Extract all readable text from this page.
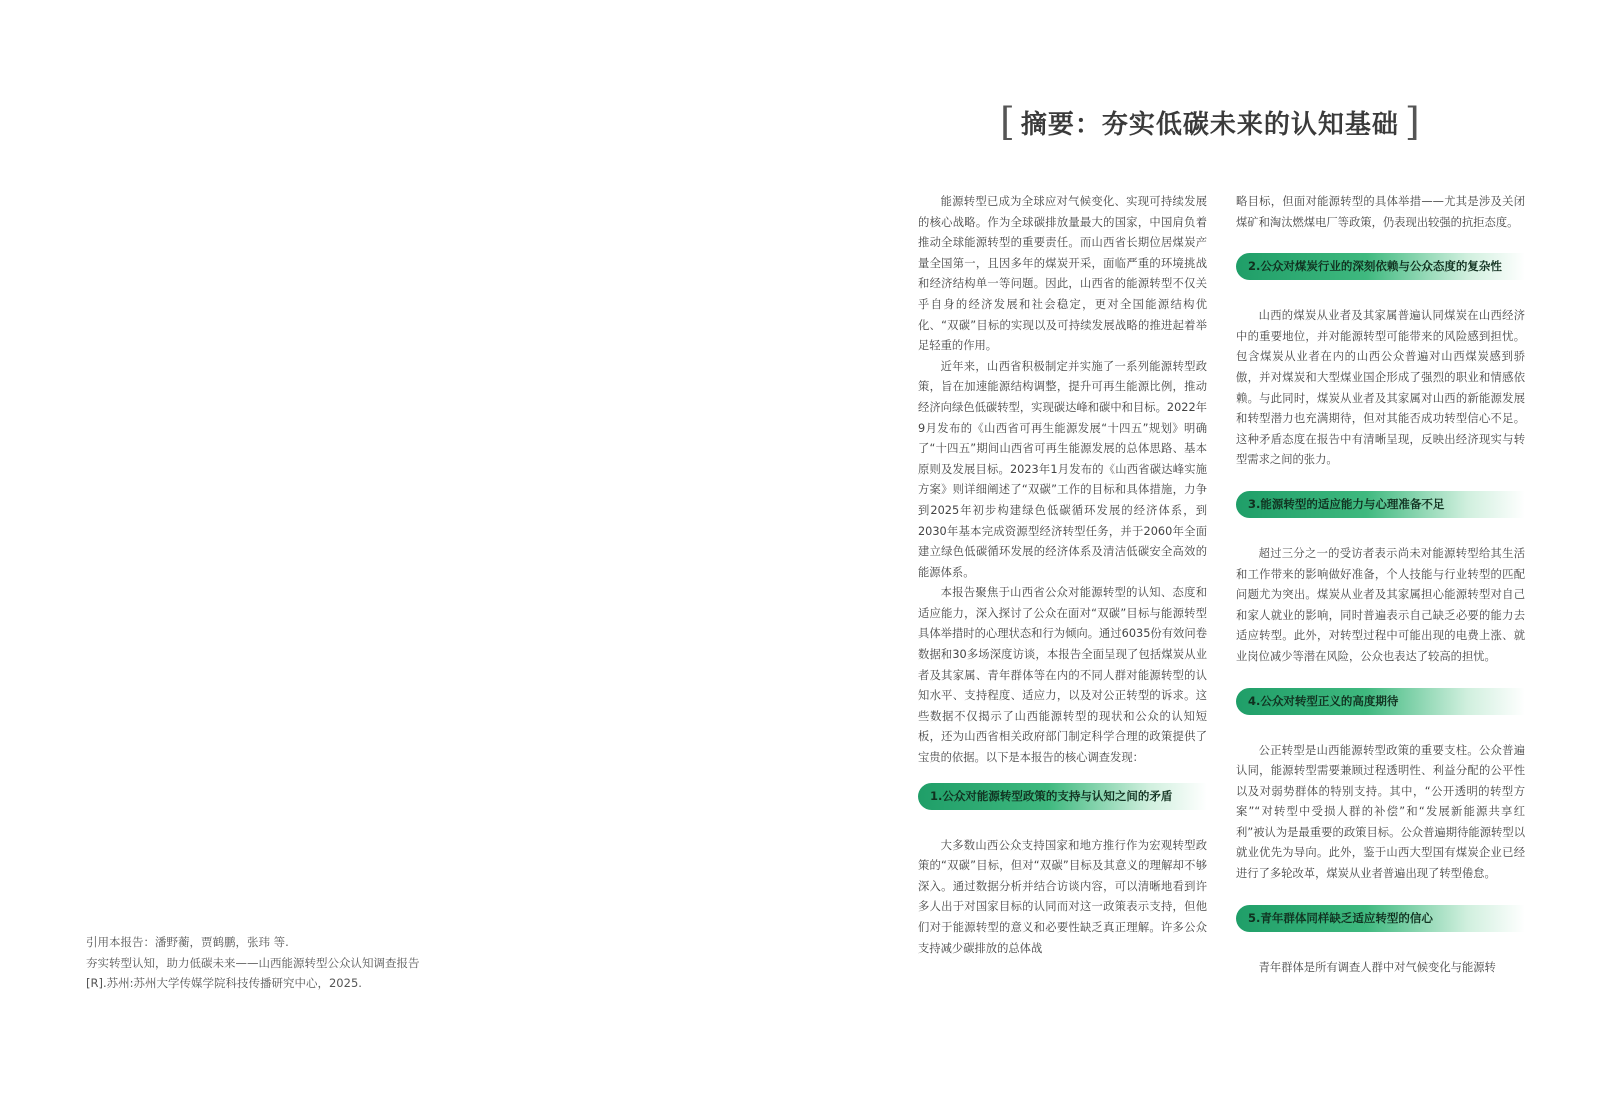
[ 摘要：夯实低碳未来的认知基础 ]

能源转型已成为全球应对气候变化、实现可持续发展的核心战略。作为全球碳排放量最大的国家，中国肩负着推动全球能源转型的重要责任。而山西省长期位居煤炭产量全国第一，且因多年的煤炭开采，面临严重的环境挑战和经济结构单一等问题。因此，山西省的能源转型不仅关乎自身的经济发展和社会稳定，更对全国能源结构优化、“双碳”目标的实现以及可持续发展战略的推进起着举足轻重的作用。

近年来，山西省积极制定并实施了一系列能源转型政策，旨在加速能源结构调整，提升可再生能源比例，推动经济向绿色低碳转型，实现碳达峰和碳中和目标。2022年9月发布的《山西省可再生能源发展“十四五”规划》明确了“十四五”期间山西省可再生能源发展的总体思路、基本原则及发展目标。2023年1月发布的《山西省碳达峰实施方案》则详细阐述了“双碳”工作的目标和具体措施，力争到2025年初步构建绿色低碳循环发展的经济体系，到2030年基本完成资源型经济转型任务，并于2060年全面建立绿色低碳循环发展的经济体系及清洁低碳安全高效的能源体系。

本报告聚焦于山西省公众对能源转型的认知、态度和适应能力，深入探讨了公众在面对“双碳”目标与能源转型具体举措时的心理状态和行为倾向。通过6035份有效问卷数据和30多场深度访谈，本报告全面呈现了包括煤炭从业者及其家属、青年群体等在内的不同人群对能源转型的认知水平、支持程度、适应力，以及对公正转型的诉求。这些数据不仅揭示了山西能源转型的现状和公众的认知短板，还为山西省相关政府部门制定科学合理的政策提供了宝贵的依据。以下是本报告的核心调查发现：

1.公众对能源转型政策的支持与认知之间的矛盾

大多数山西公众支持国家和地方推行作为宏观转型政策的“双碳”目标，但对“双碳”目标及其意义的理解却不够深入。通过数据分析并结合访谈内容，可以清晰地看到许多人出于对国家目标的认同而对这一政策表示支持，但他们对于能源转型的意义和必要性缺乏真正理解。许多公众支持减少碳排放的总体战

略目标，但面对能源转型的具体举措——尤其是涉及关闭煤矿和淘汰燃煤电厂等政策，仍表现出较强的抗拒态度。

2.公众对煤炭行业的深刻依赖与公众态度的复杂性

山西的煤炭从业者及其家属普遍认同煤炭在山西经济中的重要地位，并对能源转型可能带来的风险感到担忧。包含煤炭从业者在内的山西公众普遍对山西煤炭感到骄傲，并对煤炭和大型煤业国企形成了强烈的职业和情感依赖。与此同时，煤炭从业者及其家属对山西的新能源发展和转型潜力也充满期待，但对其能否成功转型信心不足。这种矛盾态度在报告中有清晰呈现，反映出经济现实与转型需求之间的张力。

3.能源转型的适应能力与心理准备不足

超过三分之一的受访者表示尚未对能源转型给其生活和工作带来的影响做好准备，个人技能与行业转型的匹配问题尤为突出。煤炭从业者及其家属担心能源转型对自己和家人就业的影响，同时普遍表示自己缺乏必要的能力去适应转型。此外，对转型过程中可能出现的电费上涨、就业岗位减少等潜在风险，公众也表达了较高的担忧。

4.公众对转型正义的高度期待

公正转型是山西能源转型政策的重要支柱。公众普遍认同，能源转型需要兼顾过程透明性、利益分配的公平性以及对弱势群体的特别支持。其中，“公开透明的转型方案”“对转型中受损人群的补偿”和“发展新能源共享红利”被认为是最重要的政策目标。公众普遍期待能源转型以就业优先为导向。此外，鉴于山西大型国有煤炭企业已经进行了多轮改革，煤炭从业者普遍出现了转型倦怠。

5.青年群体同样缺乏适应转型的信心

青年群体是所有调查人群中对气候变化与能源转

引用本报告：潘野蘅，贾鹤鹏，张玮 等.
夯实转型认知，助力低碳未来——山西能源转型公众认知调查报告
[R].苏州:苏州大学传媒学院科技传播研究中心，2025.
